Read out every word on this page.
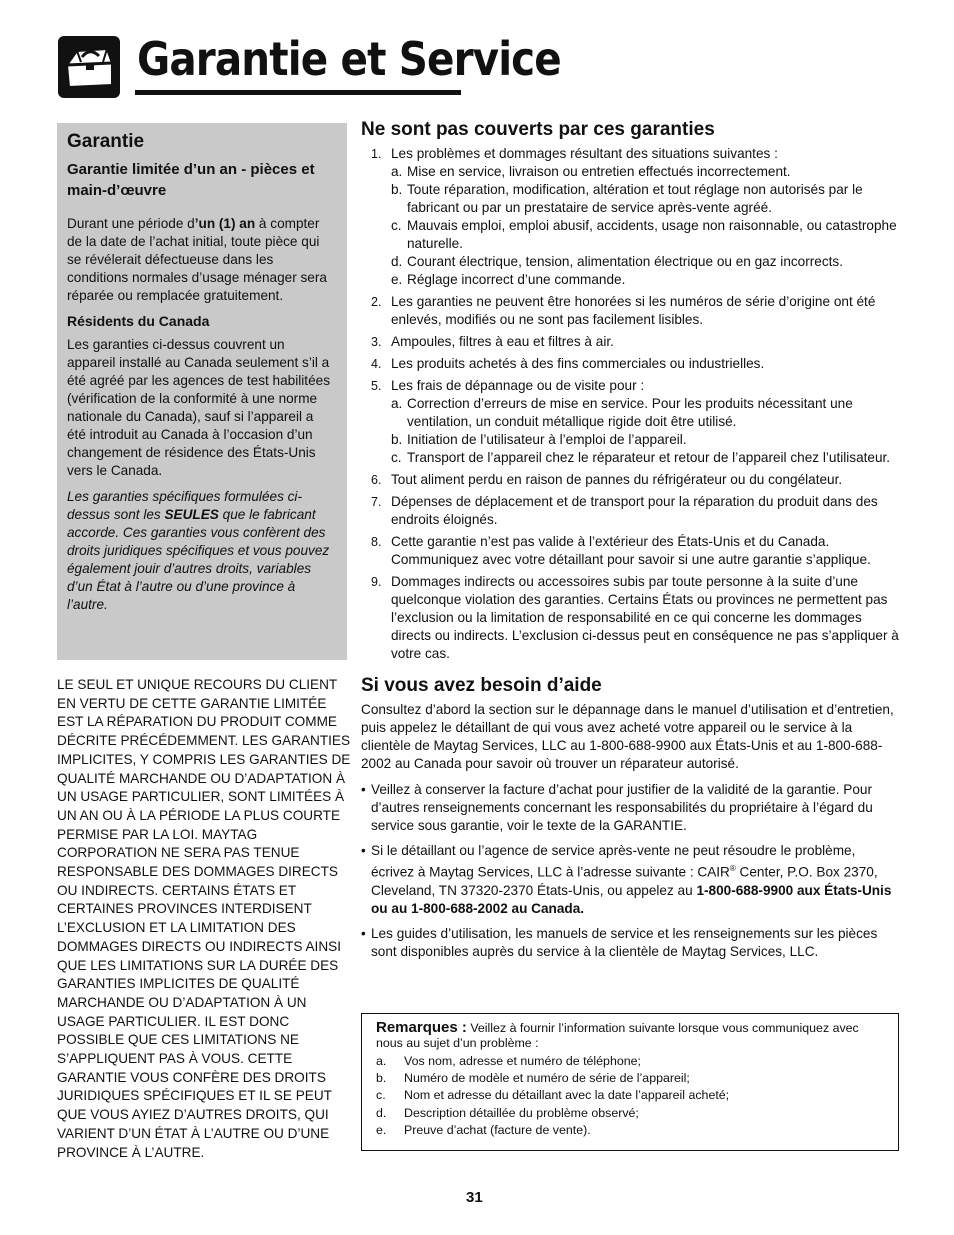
Garantie et Service
Garantie
Garantie limitée d’un an - pièces et main-d’œuvre

Durant une période d’un (1) an à compter de la date de l’achat initial, toute pièce qui se révélerait défectueuse dans les conditions normales d’usage ménager sera réparée ou remplacée gratuitement.

Résidents du Canada

Les garanties ci-dessus couvrent un appareil installé au Canada seulement s’il a été agréé par les agences de test habilitées (vérification de la conformité à une norme nationale du Canada), sauf si l’appareil a été introduit au Canada à l’occasion d’un changement de résidence des États-Unis vers le Canada.

Les garanties spécifiques formulées ci-dessus sont les SEULES que le fabricant accorde. Ces garanties vous confèrent des droits juridiques spécifiques et vous pouvez également jouir d’autres droits, variables d’un État à l’autre ou d’une province à l’autre.

LE SEUL ET UNIQUE RECOURS DU CLIENT EN VERTU DE CETTE GARANTIE LIMITÉE EST LA RÉPARATION DU PRODUIT COMME DÉCRITE PRÉCÉDEMMENT. LES GARANTIES IMPLICITES, Y COMPRIS LES GARANTIES DE QUALITÉ MARCHANDE OU D’ADAPTATION À UN USAGE PARTICULIER, SONT LIMITÉES À UN AN OU À LA PÉRIODE LA PLUS COURTE PERMISE PAR LA LOI. MAYTAG CORPORATION NE SERA PAS TENUE RESPONSABLE DES DOMMAGES DIRECTS OU INDIRECTS. CERTAINS ÉTATS ET CERTAINES PROVINCES INTERDISENT L’EXCLUSION ET LA LIMITATION DES DOMMAGES DIRECTS OU INDIRECTS AINSI QUE LES LIMITATIONS SUR LA DURÉE DES GARANTIES IMPLICITES DE QUALITÉ MARCHANDE OU D’ADAPTATION À UN USAGE PARTICULIER. IL EST DONC POSSIBLE QUE CES LIMITATIONS NE S’APPLIQUENT PAS À VOUS. CETTE GARANTIE VOUS CONFÈRE DES DROITS JURIDIQUES SPÉCIFIQUES ET IL SE PEUT QUE VOUS AYIEZ D’AUTRES DROITS, QUI VARIENT D’UN ÉTAT À L’AUTRE OU D’UNE PROVINCE À L’AUTRE.
Ne sont pas couverts par ces garanties
1. Les problèmes et dommages résultant des situations suivantes :
a. Mise en service, livraison ou entretien effectués incorrectement.
b. Toute réparation, modification, altération et tout réglage non autorisés par le fabricant ou par un prestataire de service après-vente agréé.
c. Mauvais emploi, emploi abusif, accidents, usage non raisonnable, ou catastrophe naturelle.
d. Courant électrique, tension, alimentation électrique ou en gaz incorrects.
e. Réglage incorrect d’une commande.
2. Les garanties ne peuvent être honorées si les numéros de série d’origine ont été enlevés, modifiés ou ne sont pas facilement lisibles.
3. Ampoules, filtres à eau et filtres à air.
4. Les produits achetés à des fins commerciales ou industrielles.
5. Les frais de dépannage ou de visite pour :
a. Correction d’erreurs de mise en service. Pour les produits nécessitant une ventilation, un conduit métallique rigide doit être utilisé.
b. Initiation de l’utilisateur à l’emploi de l’appareil.
c. Transport de l’appareil chez le réparateur et retour de l’appareil chez l’utilisateur.
6. Tout aliment perdu en raison de pannes du réfrigérateur ou du congélateur.
7. Dépenses de déplacement et de transport pour la réparation du produit dans des endroits éloignés.
8. Cette garantie n’est pas valide à l’extérieur des États-Unis et du Canada. Communiquez avec votre détaillant pour savoir si une autre garantie s’applique.
9. Dommages indirects ou accessoires subis par toute personne à la suite d’une quelconque violation des garanties. Certains États ou provinces ne permettent pas l’exclusion ou la limitation de responsabilité en ce qui concerne les dommages directs ou indirects. L’exclusion ci-dessus peut en conséquence ne pas s’appliquer à votre cas.
Si vous avez besoin d’aide

Consultez d’abord la section sur le dépannage dans le manuel d’utilisation et d’entretien, puis appelez le détaillant de qui vous avez acheté votre appareil ou le service à la clientèle de Maytag Services, LLC au 1-800-688-9900 aux États-Unis et au 1-800-688-2002 au Canada pour savoir où trouver un réparateur autorisé.

• Veillez à conserver la facture d’achat pour justifier de la validité de la garantie. Pour d’autres renseignements concernant les responsabilités du propriétaire à l’égard du service sous garantie, voir le texte de la GARANTIE.
• Si le détaillant ou l’agence de service après-vente ne peut résoudre le problème, écrivez à Maytag Services, LLC à l’adresse suivante : CAIR® Center, P.O. Box 2370, Cleveland, TN 37320-2370 États-Unis, ou appelez au 1-800-688-9900 aux États-Unis ou au 1-800-688-2002 au Canada.
• Les guides d’utilisation, les manuels de service et les renseignements sur les pièces sont disponibles auprès du service à la clientèle de Maytag Services, LLC.
Remarques : Veillez à fournir l’information suivante lorsque vous communiquez avec nous au sujet d’un problème :
a. Vos nom, adresse et numéro de téléphone;
b. Numéro de modèle et numéro de série de l’appareil;
c. Nom et adresse du détaillant avec la date l’appareil acheté;
d. Description détaillée du problème observé;
e. Preuve d’achat (facture de vente).
31
